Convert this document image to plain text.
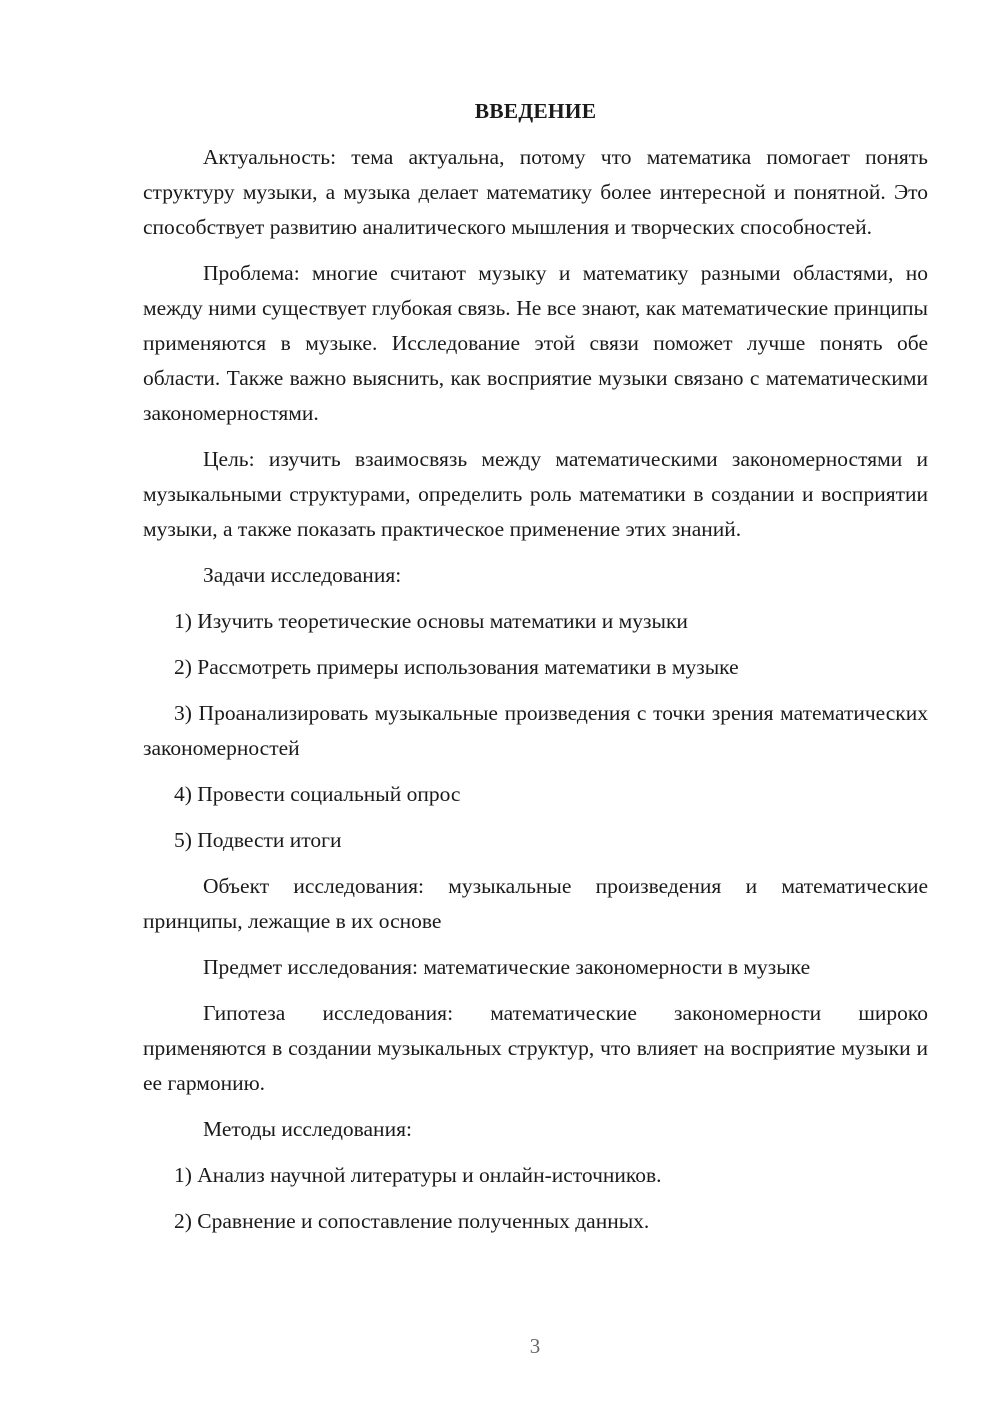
ВВЕДЕНИЕ

Актуальность: тема актуальна, потому что математика помогает понять структуру музыки, а музыка делает математику более интересной и понятной. Это способствует развитию аналитического мышления и творческих способностей.

Проблема: многие считают музыку и математику разными областями, но между ними существует глубокая связь. Не все знают, как математические принципы применяются в музыке. Исследование этой связи поможет лучше понять обе области. Также важно выяснить, как восприятие музыки связано с математическими закономерностями.

Цель: изучить взаимосвязь между математическими закономерностями и музыкальными структурами, определить роль математики в создании и восприятии музыки, а также показать практическое применение этих знаний.

Задачи исследования:

1) Изучить теоретические основы математики и музыки

2) Рассмотреть примеры использования математики в музыке

3) Проанализировать музыкальные произведения с точки зрения математических закономерностей

4) Провести социальный опрос

5) Подвести итоги

Объект исследования: музыкальные произведения и математические принципы, лежащие в их основе

Предмет исследования: математические закономерности в музыке

Гипотеза исследования: математические закономерности широко применяются в создании музыкальных структур, что влияет на восприятие музыки и ее гармонию.

Методы исследования:

1) Анализ научной литературы и онлайн-источников.

2) Сравнение и сопоставление полученных данных.

3
